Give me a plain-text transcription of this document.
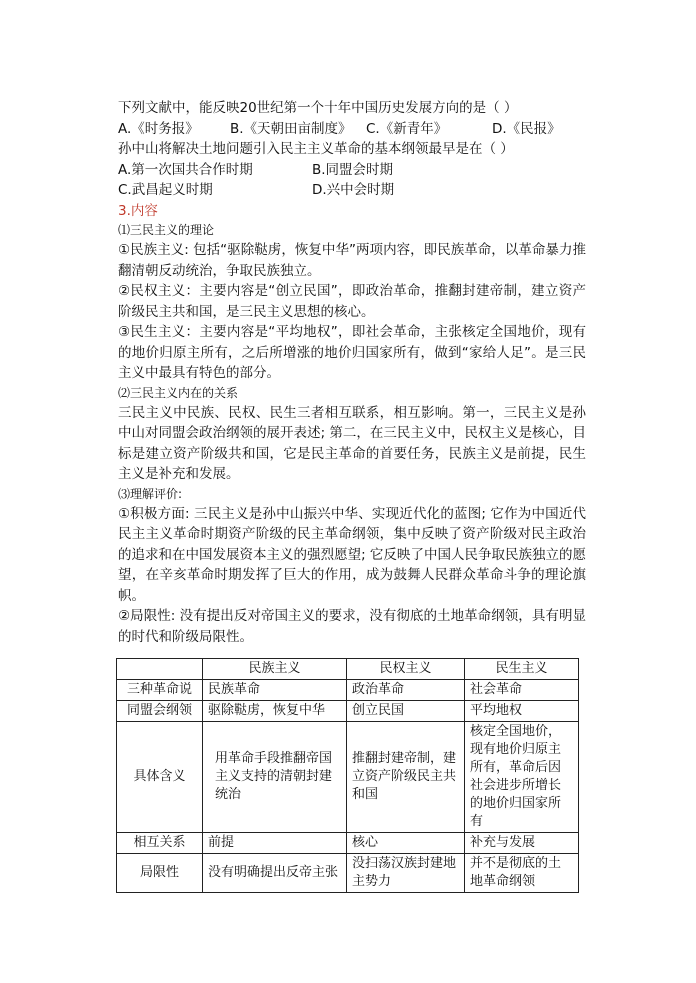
下列文献中，能反映20世纪第一个十年中国历史发展方向的是（ ）
A.《时务报》	B.《天朝田亩制度》	C.《新青年》	D.《民报》
孙中山将解决土地问题引入民主主义革命的基本纲领最早是在（ ）
A.第一次国共合作时期	B.同盟会时期
C.武昌起义时期	D.兴中会时期
3.内容
⑴三民主义的理论
①民族主义: 包括“驱除鞑虏，恢复中华”两项内容，即民族革命，以革命暴力推翻清朝反动统治，争取民族独立。
②民权主义：主要内容是“创立民国”，即政治革命，推翻封建帝制，建立资产阶级民主共和国，是三民主义思想的核心。
③民生主义：主要内容是“平均地权”，即社会革命，主张核定全国地价，现有的地价归原主所有，之后所增涨的地价归国家所有，做到“家给人足”。是三民主义中最具有特色的部分。
⑵三民主义内在的关系
三民主义中民族、民权、民生三者相互联系，相互影响。第一，三民主义是孙中山对同盟会政治纲领的展开表述; 第二，在三民主义中，民权主义是核心，目标是建立资产阶级共和国，它是民主革命的首要任务，民族主义是前提，民生主义是补充和发展。
⑶理解评价:
①积极方面: 三民主义是孙中山振兴中华、实现近代化的蓝图; 它作为中国近代民主主义革命时期资产阶级的民主革命纲领，集中反映了资产阶级对民主政治的追求和在中国发展资本主义的强烈愿望; 它反映了中国人民争取民族独立的愿望，在辛亥革命时期发挥了巨大的作用，成为鼓舞人民群众革命斗争的理论旗帜。
②局限性: 没有提出反对帝国主义的要求，没有彻底的土地革命纲领，具有明显的时代和阶级局限性。
	民族主义	民权主义	民生主义
三种革命说	民族革命	政治革命	社会革命
同盟会纲领	驱除鞑虏，恢复中华	创立民国	平均地权
具体含义	用革命手段推翻帝国主义支持的清朝封建统治	推翻封建帝制，建立资产阶级民主共和国	核定全国地价，现有地价归原主所有，革命后因社会进步所增长的地价归国家所有
相互关系	前提	核心	补充与发展
局限性	没有明确提出反帝主张	没扫荡汉族封建地主势力	并不是彻底的土地革命纲领
